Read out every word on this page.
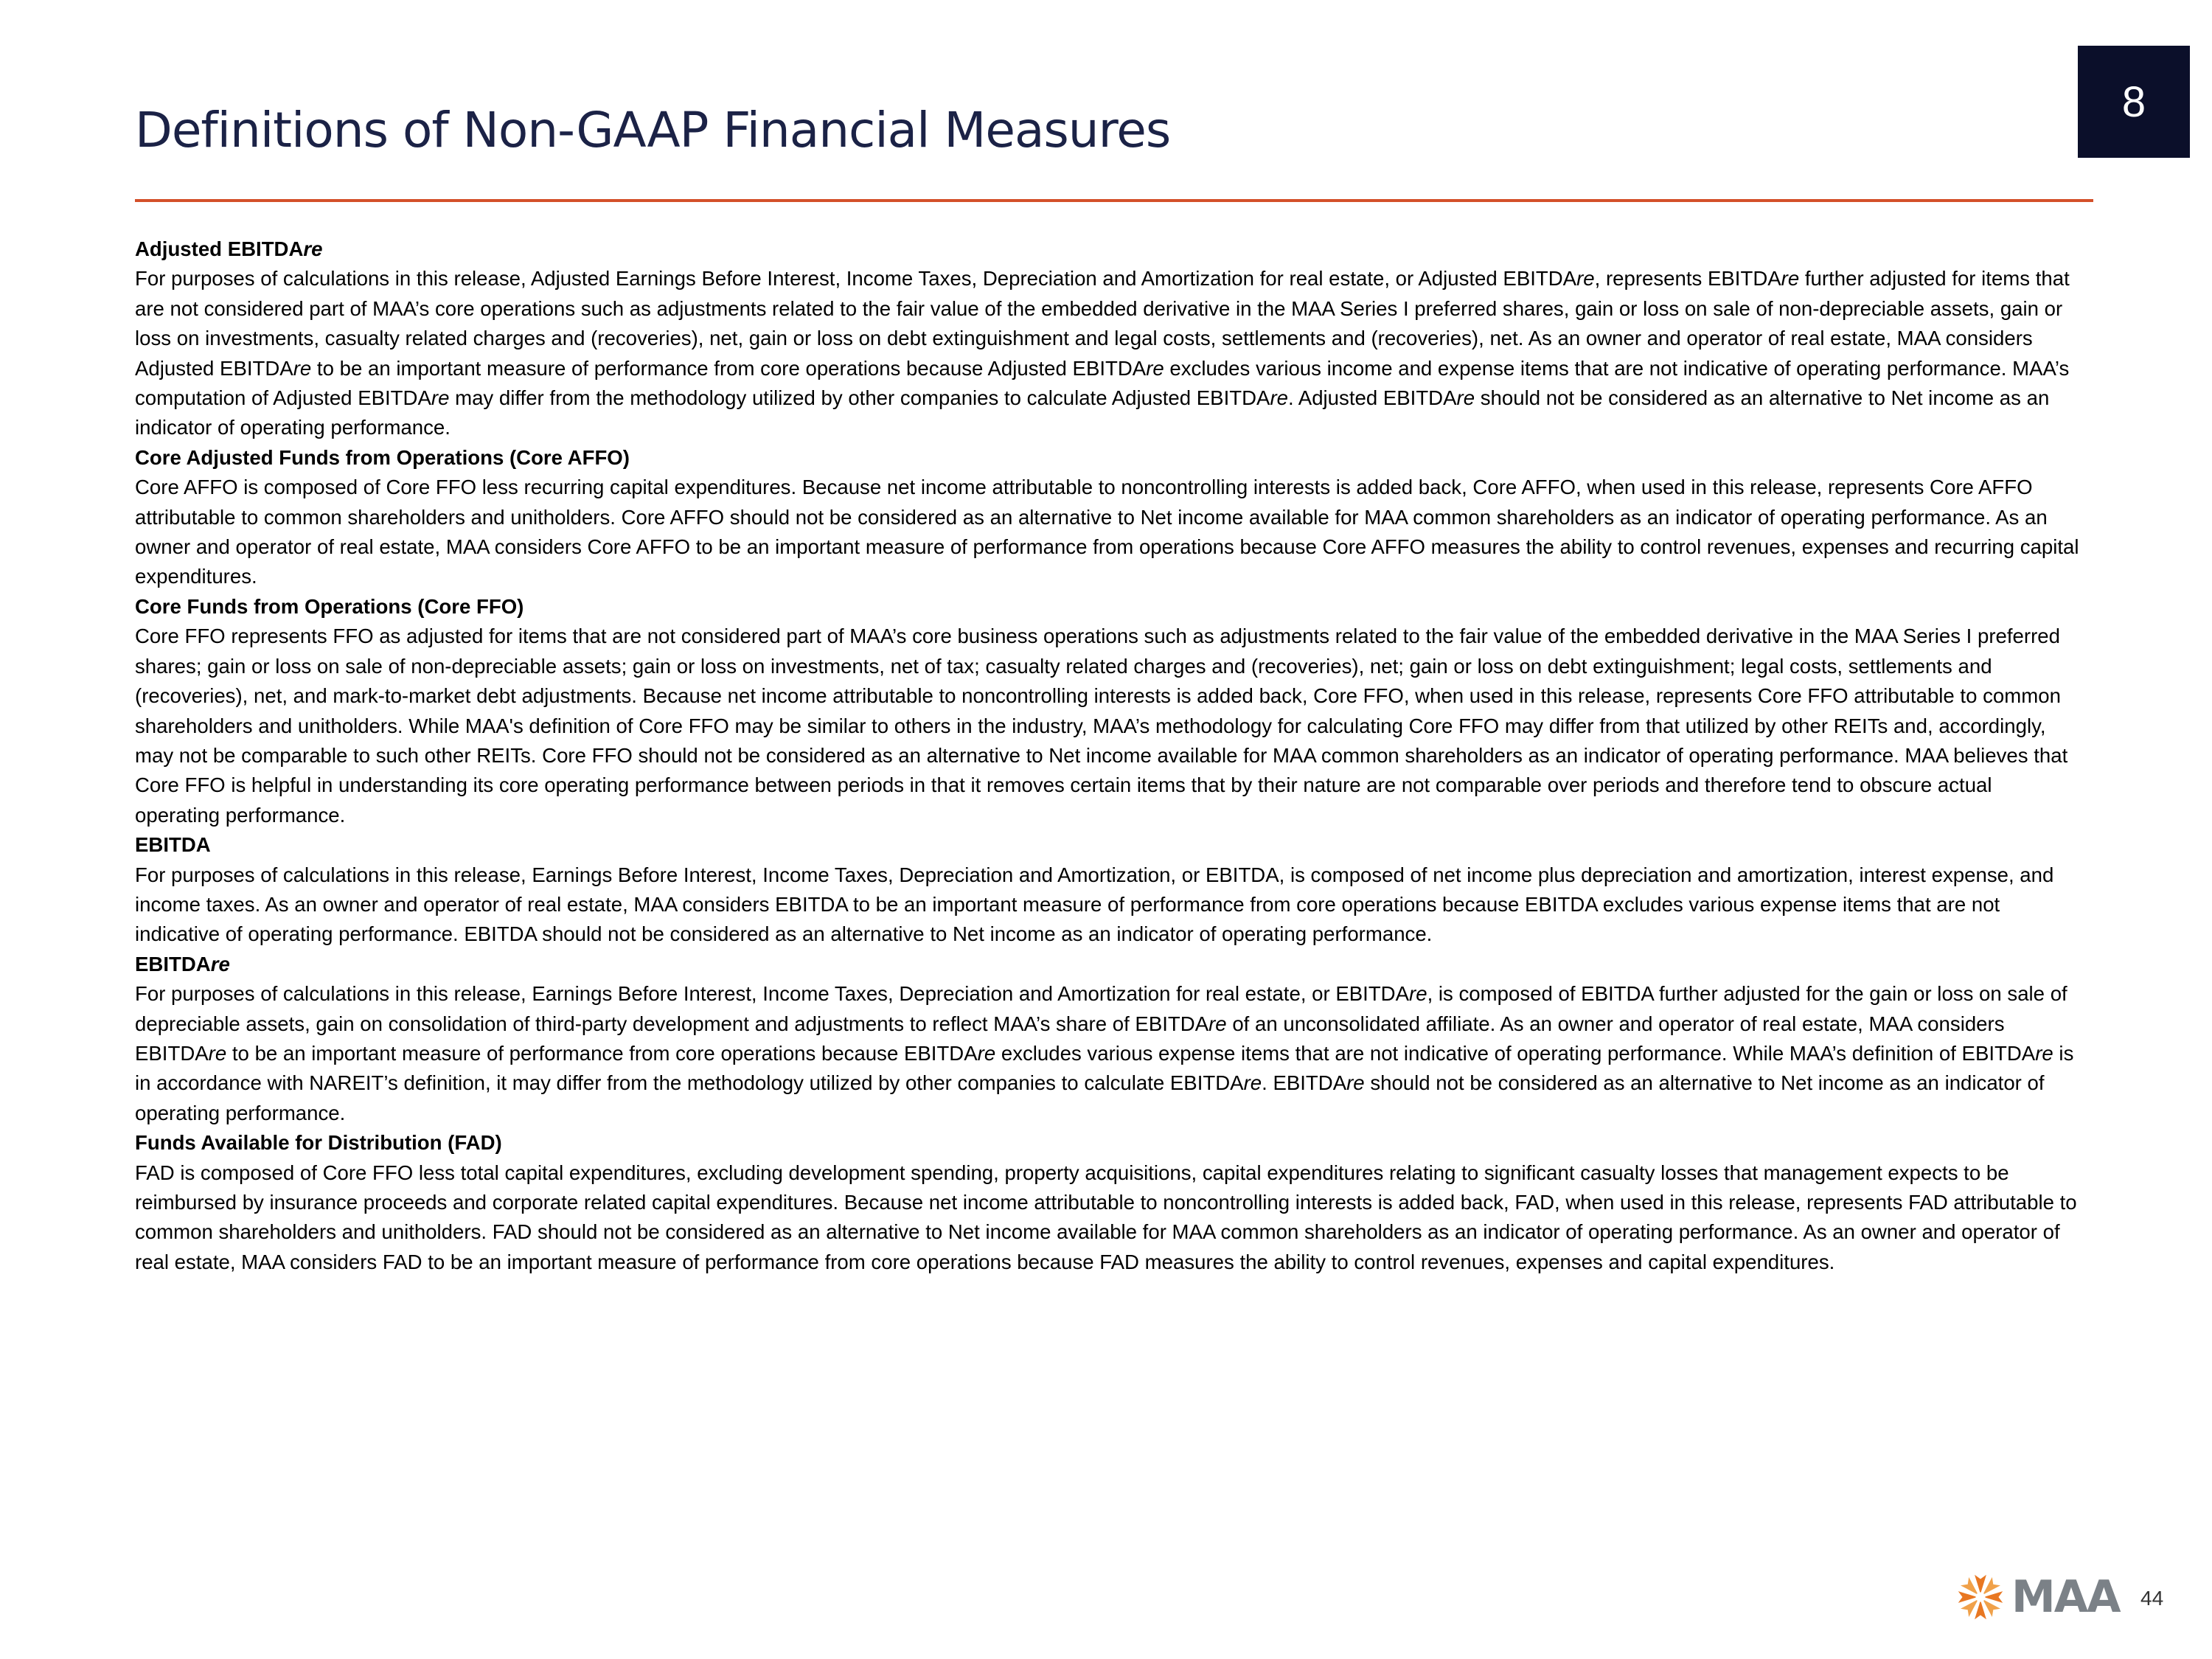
8
Definitions of Non-GAAP Financial Measures

Adjusted EBITDAre

For purposes of calculations in this release, Adjusted Earnings Before Interest, Income Taxes, Depreciation and Amortization for real estate, or Adjusted EBITDAre, represents EBITDAre further adjusted for items that are not considered part of MAA’s core operations such as adjustments related to the fair value of the embedded derivative in the MAA Series I preferred shares, gain or loss on sale of non-depreciable assets, gain or loss on investments, casualty related charges and (recoveries), net, gain or loss on debt extinguishment and legal costs, settlements and (recoveries), net. As an owner and operator of real estate, MAA considers Adjusted EBITDAre to be an important measure of performance from core operations because Adjusted EBITDAre excludes various income and expense items that are not indicative of operating performance. MAA’s computation of Adjusted EBITDAre may differ from the methodology utilized by other companies to calculate Adjusted EBITDAre. Adjusted EBITDAre should not be considered as an alternative to Net income as an indicator of operating performance.

Core Adjusted Funds from Operations (Core AFFO)

Core AFFO is composed of Core FFO less recurring capital expenditures. Because net income attributable to noncontrolling interests is added back, Core AFFO, when used in this release, represents Core AFFO attributable to common shareholders and unitholders. Core AFFO should not be considered as an alternative to Net income available for MAA common shareholders as an indicator of operating performance. As an owner and operator of real estate, MAA considers Core AFFO to be an important measure of performance from operations because Core AFFO measures the ability to control revenues, expenses and recurring capital expenditures.

Core Funds from Operations (Core FFO)

Core FFO represents FFO as adjusted for items that are not considered part of MAA’s core business operations such as adjustments related to the fair value of the embedded derivative in the MAA Series I preferred shares; gain or loss on sale of non-depreciable assets; gain or loss on investments, net of tax; casualty related charges and (recoveries), net; gain or loss on debt extinguishment; legal costs, settlements and (recoveries), net, and mark-to-market debt adjustments. Because net income attributable to noncontrolling interests is added back, Core FFO, when used in this release, represents Core FFO attributable to common shareholders and unitholders. While MAA's definition of Core FFO may be similar to others in the industry, MAA’s methodology for calculating Core FFO may differ from that utilized by other REITs and, accordingly, may not be comparable to such other REITs. Core FFO should not be considered as an alternative to Net income available for MAA common shareholders as an indicator of operating performance. MAA believes that Core FFO is helpful in understanding its core operating performance between periods in that it removes certain items that by their nature are not comparable over periods and therefore tend to obscure actual operating performance.

EBITDA

For purposes of calculations in this release, Earnings Before Interest, Income Taxes, Depreciation and Amortization, or EBITDA, is composed of net income plus depreciation and amortization, interest expense, and income taxes. As an owner and operator of real estate, MAA considers EBITDA to be an important measure of performance from core operations because EBITDA excludes various expense items that are not indicative of operating performance. EBITDA should not be considered as an alternative to Net income as an indicator of operating performance.

EBITDAre

For purposes of calculations in this release, Earnings Before Interest, Income Taxes, Depreciation and Amortization for real estate, or EBITDAre, is composed of EBITDA further adjusted for the gain or loss on sale of depreciable assets, gain on consolidation of third-party development and adjustments to reflect MAA’s share of EBITDAre of an unconsolidated affiliate. As an owner and operator of real estate, MAA considers EBITDAre to be an important measure of performance from core operations because EBITDAre excludes various expense items that are not indicative of operating performance. While MAA’s definition of EBITDAre is in accordance with NAREIT’s definition, it may differ from the methodology utilized by other companies to calculate EBITDAre. EBITDAre should not be considered as an alternative to Net income as an indicator of operating performance.

Funds Available for Distribution (FAD)

FAD is composed of Core FFO less total capital expenditures, excluding development spending, property acquisitions, capital expenditures relating to significant casualty losses that management expects to be reimbursed by insurance proceeds and corporate related capital expenditures. Because net income attributable to noncontrolling interests is added back, FAD, when used in this release, represents FAD attributable to common shareholders and unitholders. FAD should not be considered as an alternative to Net income available for MAA common shareholders as an indicator of operating performance. As an owner and operator of real estate, MAA considers FAD to be an important measure of performance from core operations because FAD measures the ability to control revenues, expenses and capital expenditures.

MAA 44
